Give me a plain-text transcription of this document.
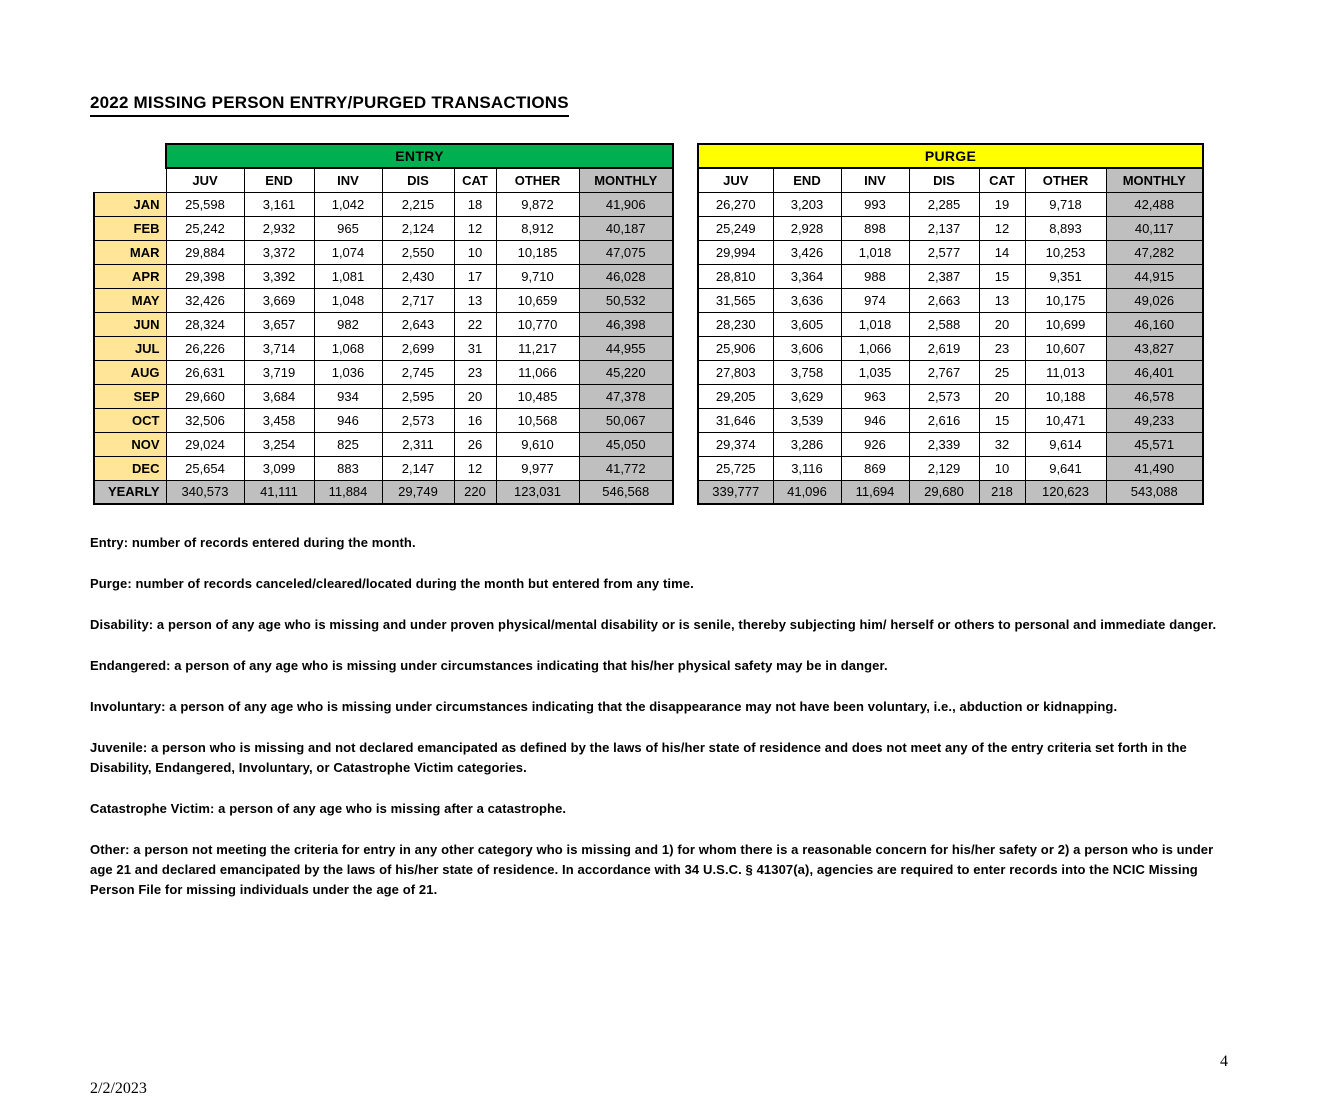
2022 MISSING PERSON ENTRY/PURGED TRANSACTIONS
	ENTRY						
	JUV	END	INV	DIS	CAT	OTHER	MONTHLY
JAN	25,598	3,161	1,042	2,215	18	9,872	41,906
FEB	25,242	2,932	965	2,124	12	8,912	40,187
MAR	29,884	3,372	1,074	2,550	10	10,185	47,075
APR	29,398	3,392	1,081	2,430	17	9,710	46,028
MAY	32,426	3,669	1,048	2,717	13	10,659	50,532
JUN	28,324	3,657	982	2,643	22	10,770	46,398
JUL	26,226	3,714	1,068	2,699	31	11,217	44,955
AUG	26,631	3,719	1,036	2,745	23	11,066	45,220
SEP	29,660	3,684	934	2,595	20	10,485	47,378
OCT	32,506	3,458	946	2,573	16	10,568	50,067
NOV	29,024	3,254	825	2,311	26	9,610	45,050
DEC	25,654	3,099	883	2,147	12	9,977	41,772
YEARLY	340,573	41,111	11,884	29,749	220	123,031	546,568
PURGE						
JUV	END	INV	DIS	CAT	OTHER	MONTHLY
26,270	3,203	993	2,285	19	9,718	42,488
25,249	2,928	898	2,137	12	8,893	40,117
29,994	3,426	1,018	2,577	14	10,253	47,282
28,810	3,364	988	2,387	15	9,351	44,915
31,565	3,636	974	2,663	13	10,175	49,026
28,230	3,605	1,018	2,588	20	10,699	46,160
25,906	3,606	1,066	2,619	23	10,607	43,827
27,803	3,758	1,035	2,767	25	11,013	46,401
29,205	3,629	963	2,573	20	10,188	46,578
31,646	3,539	946	2,616	15	10,471	49,233
29,374	3,286	926	2,339	32	9,614	45,571
25,725	3,116	869	2,129	10	9,641	41,490
339,777	41,096	11,694	29,680	218	120,623	543,088

Entry: number of records entered during the month.

Purge: number of records canceled/cleared/located during the month but entered from any time.

Disability: a person of any age who is missing and under proven physical/mental disability or is senile, thereby subjecting him/ herself or others to personal and immediate danger.

Endangered: a person of any age who is missing under circumstances indicating that his/her physical safety may be in danger.

Involuntary: a person of any age who is missing under circumstances indicating that the disappearance may not have been voluntary, i.e., abduction or kidnapping.

Juvenile: a person who is missing and not declared emancipated as defined by the laws of his/her state of residence and does not meet any of the entry criteria set forth in the Disability, Endangered, Involuntary, or Catastrophe Victim categories.

Catastrophe Victim: a person of any age who is missing after a catastrophe.

Other: a person not meeting the criteria for entry in any other category who is missing and 1) for whom there is a reasonable concern for his/her safety or 2) a person who is under age 21 and declared emancipated by the laws of his/her state of residence. In accordance with 34 U.S.C. § 41307(a), agencies are required to enter records into the NCIC Missing Person File for missing individuals under the age of 21.

4
2/2/2023
